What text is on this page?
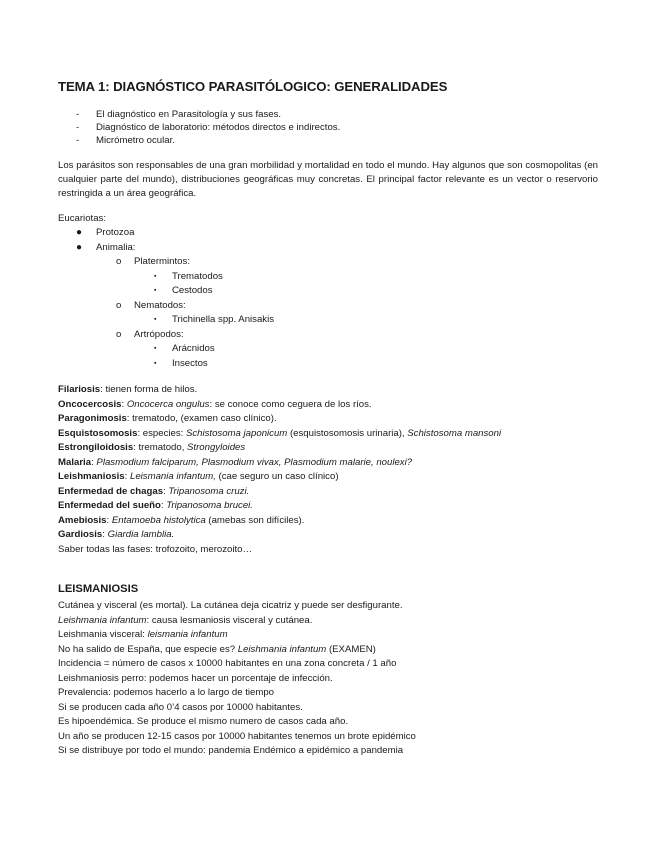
TEMA 1: DIAGNÓSTICO PARASITÓLOGICO: GENERALIDADES
- El diagnóstico en Parasitología y sus fases.
- Diagnóstico de laboratorio: métodos directos e indirectos.
- Micrómetro ocular.

Los parásitos son responsables de una gran morbilidad y mortalidad en todo el mundo. Hay algunos que son cosmopolitas (en cualquier parte del mundo), distribuciones geográficas muy concretas. El principal factor relevante es un vector o reservorio restringida a un área geográfica.

Eucariotas:
● Protozoa
● Animalia:
o Platermintos:
▪ Trematodos
▪ Cestodos
o Nematodos:
▪ Trichinella spp. Anisakis
o Artrópodos:
▪ Arácnidos
▪ Insectos
Filariosis: tienen forma de hilos.
Oncocercosis: Oncocerca ongulus: se conoce como ceguera de los ríos.
Paragonimosis: trematodo, (examen caso clínico).
Esquistosomosis: especies: Schistosoma japonicum (esquistosomosis urinaria), Schistosoma mansoni
Estrongiloidosis: trematodo, Strongyloides
Malaria: Plasmodium falciparum, Plasmodium vivax, Plasmodium malarie, noulexi?
Leishmaniosis: Leismania infantum, (cae seguro un caso clínico)
Enfermedad de chagas: Tripanosoma cruzi.
Enfermedad del sueño: Tripanosoma brucei.
Amebiosis: Entamoeba histolytica (amebas son difíciles).
Gardiosis: Giardia lamblia.
Saber todas las fases: trofozoito, merozoito…
LEISMANIOSIS
Cutánea y visceral (es mortal). La cutánea deja cicatriz y puede ser desfigurante.
Leishmania infantum: causa lesmaniosis visceral y cutánea.
Leishmania visceral: leismania infantum
No ha salido de España, que especie es? Leishmania infantum (EXAMEN)
Incidencia = número de casos x 10000 habitantes en una zona concreta / 1 año
Leishmaniosis perro: podemos hacer un porcentaje de infección.
Prevalencia: podemos hacerlo a lo largo de tiempo
Si se producen cada año 0’4 casos por 10000 habitantes.
Es hipoendémica. Se produce el mismo numero de casos cada año.
Un año se producen 12-15 casos por 10000 habitantes tenemos un brote epidémico
Si se distribuye por todo el mundo: pandemia Endémico a epidémico a pandemia
